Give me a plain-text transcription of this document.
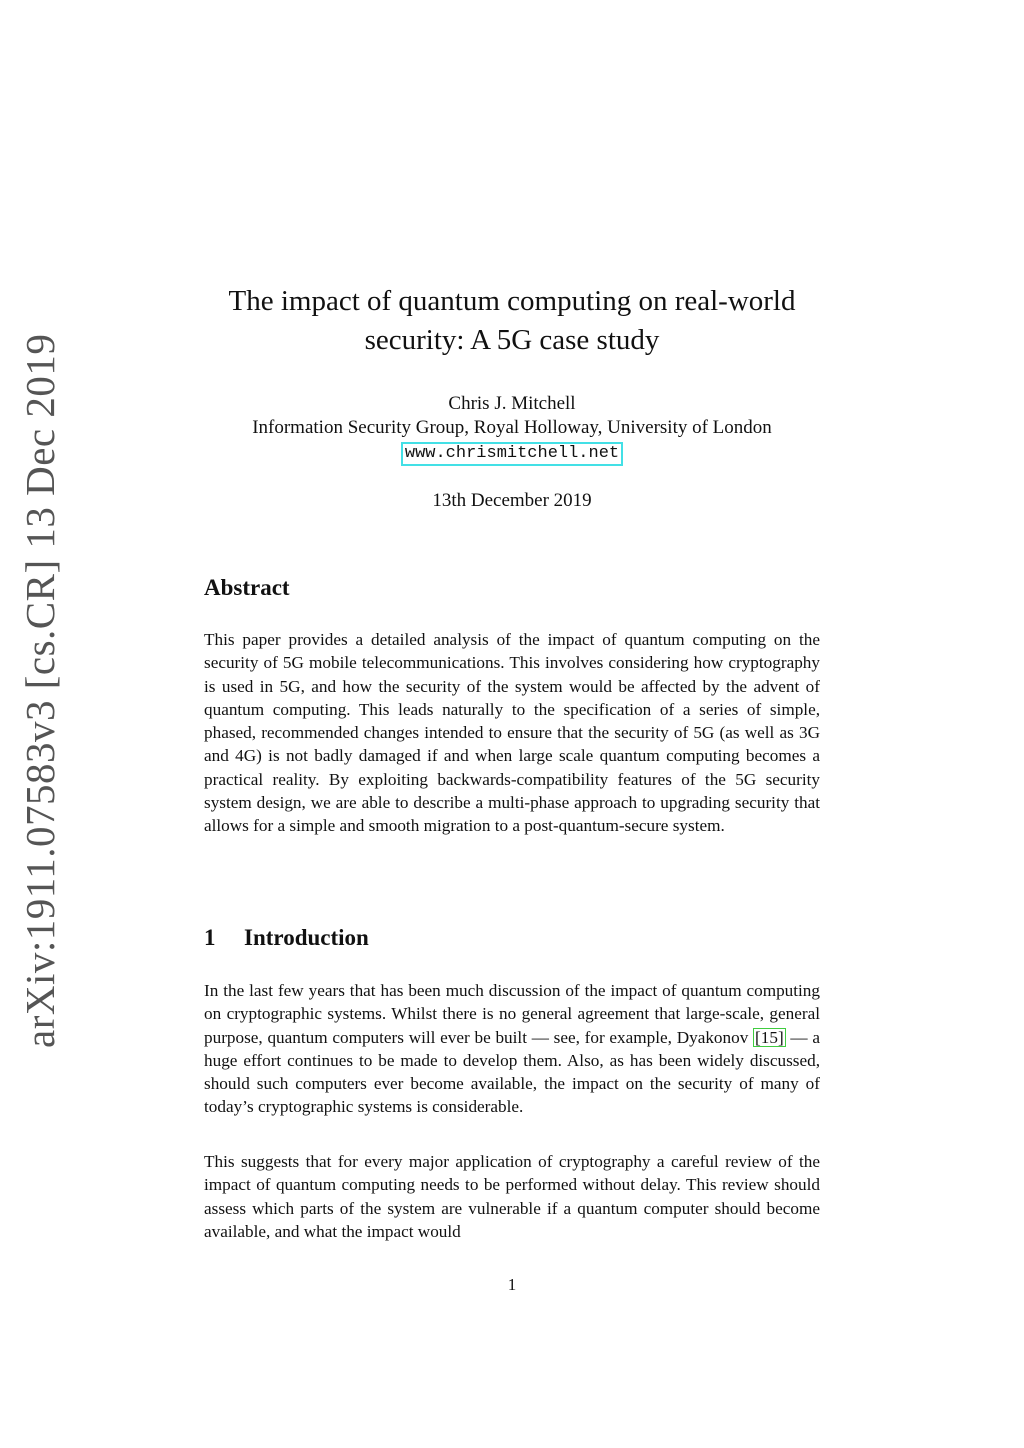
arXiv:1911.07583v3 [cs.CR] 13 Dec 2019
The impact of quantum computing on real-world
security: A 5G case study
Chris J. Mitchell
Information Security Group, Royal Holloway, University of London
www.chrismitchell.net
13th December 2019
Abstract
This paper provides a detailed analysis of the impact of quantum computing on the security of 5G mobile telecommunications. This involves considering how cryptography is used in 5G, and how the security of the system would be affected by the advent of quantum computing. This leads naturally to the specification of a series of simple, phased, recommended changes intended to ensure that the security of 5G (as well as 3G and 4G) is not badly damaged if and when large scale quantum computing becomes a practical reality. By exploiting backwards-compatibility features of the 5G security system design, we are able to describe a multi-phase approach to upgrading security that allows for a simple and smooth migration to a post-quantum-secure system.
1 Introduction
In the last few years that has been much discussion of the impact of quantum computing on cryptographic systems. Whilst there is no general agreement that large-scale, general purpose, quantum computers will ever be built — see, for example, Dyakonov [15] — a huge effort continues to be made to develop them. Also, as has been widely discussed, should such computers ever become available, the impact on the security of many of today’s cryptographic systems is considerable.
This suggests that for every major application of cryptography a careful review of the impact of quantum computing needs to be performed without delay. This review should assess which parts of the system are vulnerable if a quantum computer should become available, and what the impact would
1
